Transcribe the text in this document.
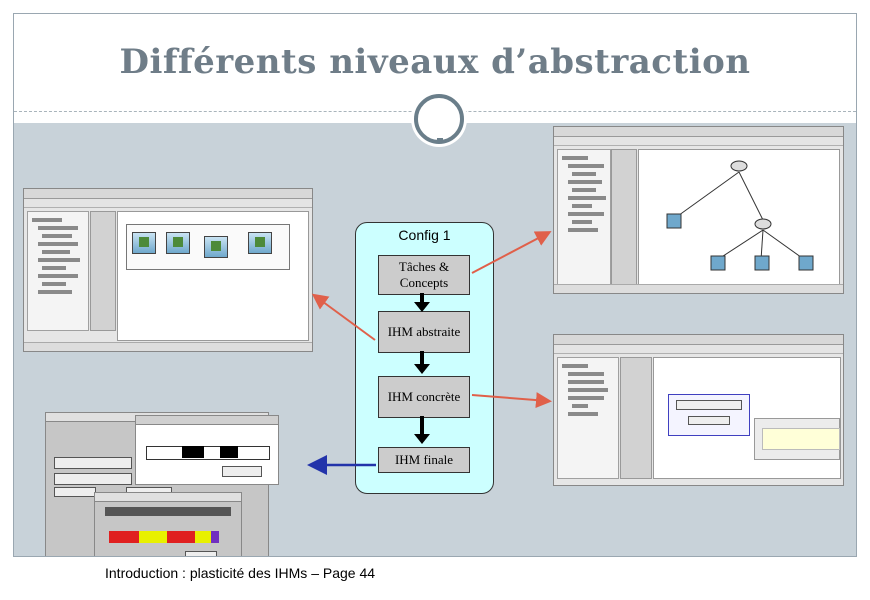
Différents niveaux d’abstraction
Config 1
Tâches & Concepts
IHM abstraite
IHM concrète
IHM finale
Introduction : plasticité des IHMs – Page 44
